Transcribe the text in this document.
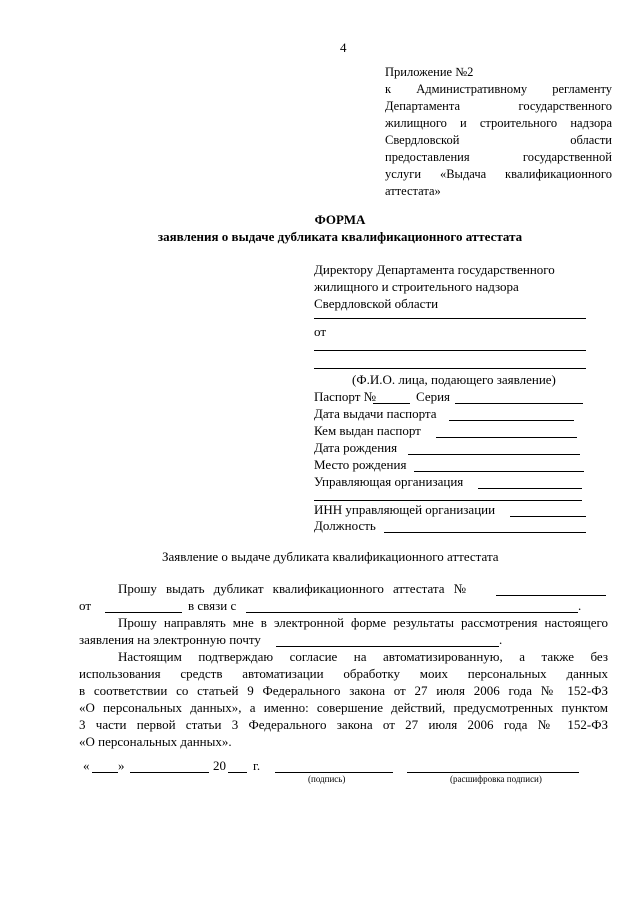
4
Приложение №2
к Административному регламенту
Департамента государственного
жилищного и строительного надзора
Свердловской области
предоставления государственной
услуги «Выдача квалификационного
аттестата»
ФОРМА
заявления о выдаче дубликата квалификационного аттестата
Директору Департамента государственного
жилищного и строительного надзора
Свердловской области
от
(Ф.И.О. лица, подающего заявление)
Паспорт №	Серия
Дата выдачи паспорта
Кем выдан паспорт
Дата рождения
Место рождения
Управляющая организация
ИНН управляющей организации
Должность
Заявление о выдаче дубликата квалификационного аттестата
Прошу выдать дубликат квалификационного аттестата №
от	в связи с	.
Прошу направлять мне в электронной форме результаты рассмотрения настоящего
заявления на электронную почту	.
Настоящим подтверждаю согласие на автоматизированную, а также без
использования средств автоматизации обработку моих персональных данных
в соответствии со статьей 9 Федерального закона от 27 июля 2006 года № 152-ФЗ
«О персональных данных», а именно: совершение действий, предусмотренных пунктом
3 части первой статьи 3 Федерального закона от 27 июля 2006 года № 152-ФЗ
«О персональных данных».
« »	20 г.
(подпись)	(расшифровка подписи)
